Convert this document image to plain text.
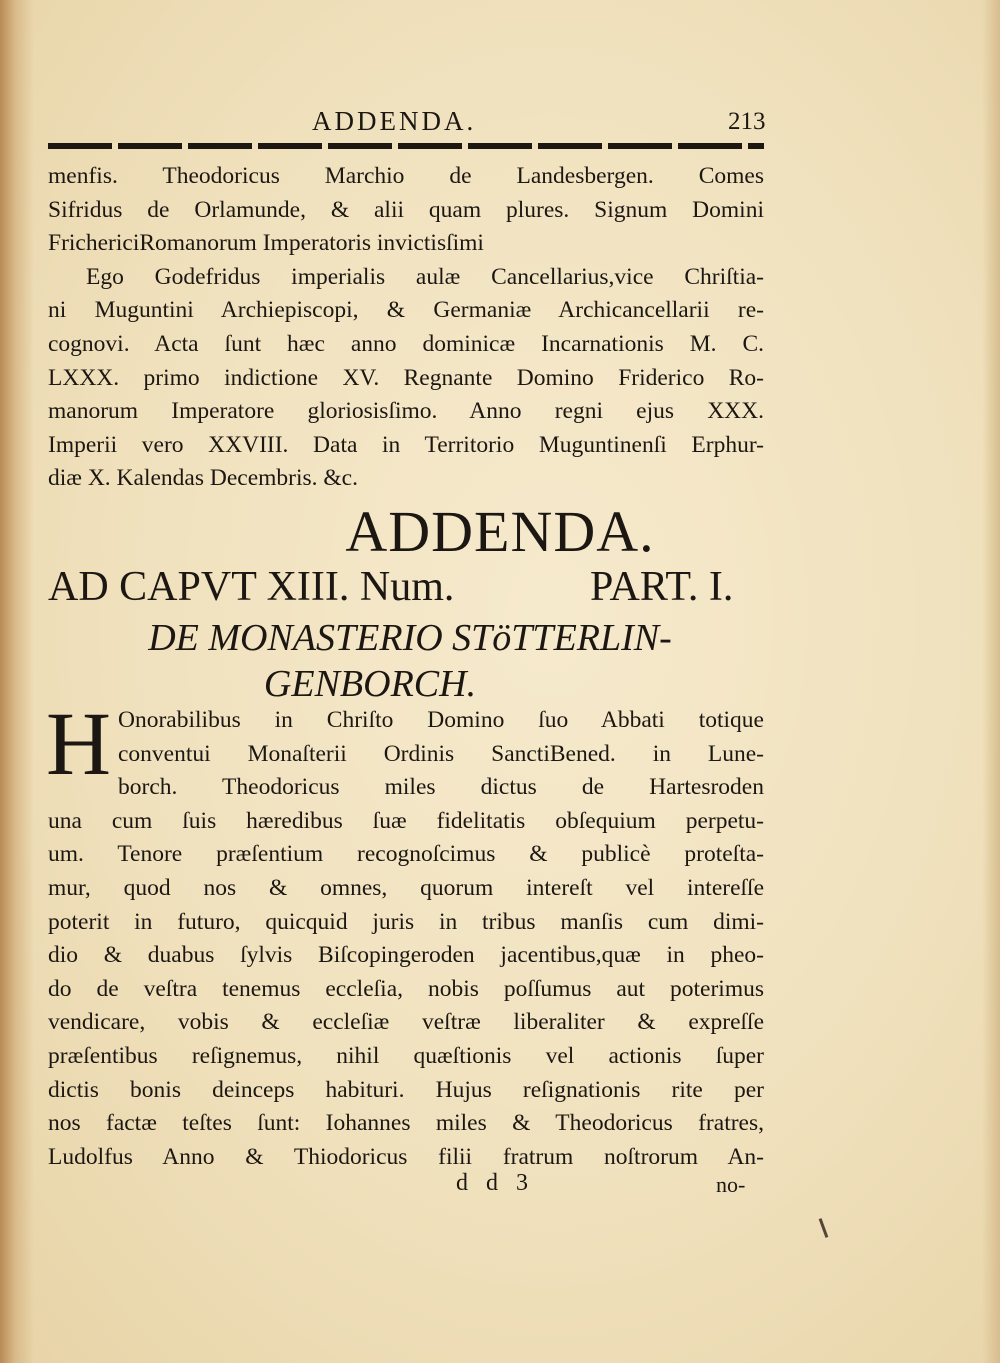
ADDENDA.	213
menfis. Theodoricus Marchio de Landesbergen. Comes
Sifridus de Orlamunde, & alii quam plures. Signum Domini
FrichericiRomanorum Imperatoris invictisſimi
Ego Godefridus imperialis aulæ Cancellarius,vice Chriſtia-
ni Muguntini Archiepiscopi, & Germaniæ Archicancellarii re-
cognovi. Acta ſunt hæc anno dominicæ Incarnationis M. C.
LXXX. primo indictione XV. Regnante Domino Friderico Ro-
manorum Imperatore gloriosisſimo. Anno regni ejus XXX.
Imperii vero XXVIII. Data in Territorio Muguntinenſi Erphur-
diæ X. Kalendas Decembris. &c.
ADDENDA.
AD CAPVT XIII. Num.	PART. I.
DE MONASTERIO STöTTERLIN-
GENBORCH.
H Onorabilibus in Chriſto Domino ſuo Abbati totique
conventui Monaſterii Ordinis SanctiBened. in Lune-
borch. Theodoricus miles dictus de Hartesroden
una cum ſuis hæredibus ſuæ fidelitatis obſequium perpetu-
um. Tenore præſentium recognoſcimus & publicè proteſta-
mur, quod nos & omnes, quorum intereſt vel intereſſe
poterit in futuro, quicquid juris in tribus manſis cum dimi-
dio & duabus ſylvis Biſcopingeroden jacentibus,quæ in pheo-
do de veſtra tenemus eccleſia, nobis poſſumus aut poterimus
vendicare, vobis & eccleſiæ veſtræ liberaliter & expreſſe
præſentibus reſignemus, nihil quæſtionis vel actionis ſuper
dictis bonis deinceps habituri. Hujus reſignationis rite per
nos factæ teſtes ſunt: Iohannes miles & Theodoricus fratres,
Ludolfus Anno & Thiodoricus filii fratrum noſtrorum An-
d d 3	no-
